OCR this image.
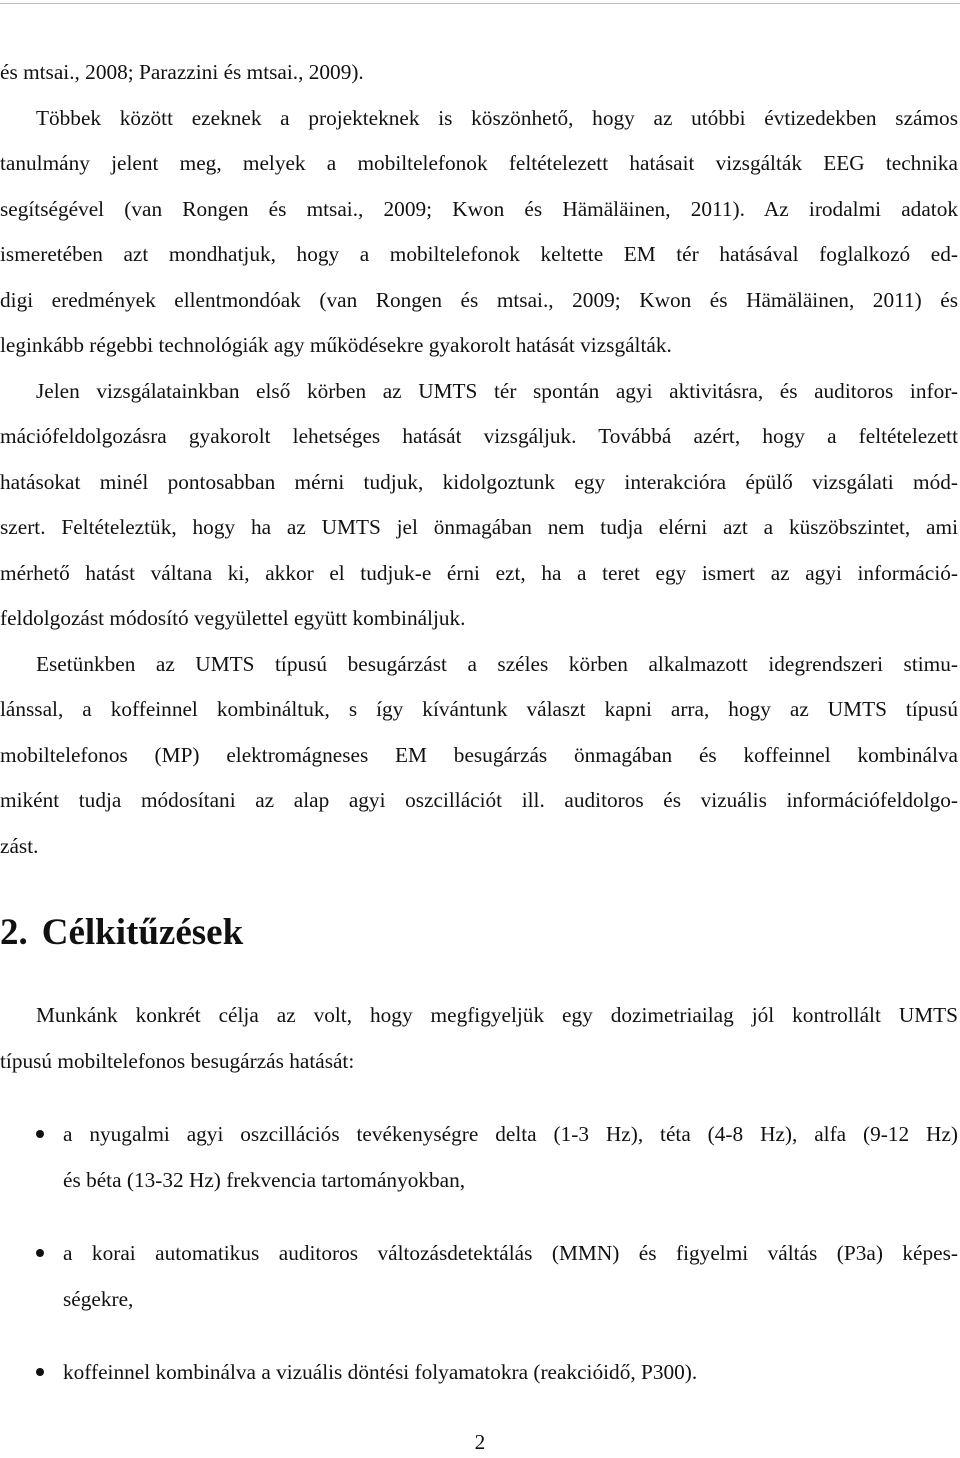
és mtsai., 2008; Parazzini és mtsai., 2009).
Többek között ezeknek a projekteknek is köszönhető, hogy az utóbbi évtizedekben számos
tanulmány jelent meg, melyek a mobiltelefonok feltételezett hatásait vizsgálták EEG technika
segítségével (van Rongen és mtsai., 2009; Kwon és Hämäläinen, 2011). Az irodalmi adatok
ismeretében azt mondhatjuk, hogy a mobiltelefonok keltette EM tér hatásával foglalkozó ed-
digi eredmények ellentmondóak (van Rongen és mtsai., 2009; Kwon és Hämäläinen, 2011) és
leginkább régebbi technológiák agy működésekre gyakorolt hatását vizsgálták.
Jelen vizsgálatainkban első körben az UMTS tér spontán agyi aktivitásra, és auditoros infor-
mációfeldolgozásra gyakorolt lehetséges hatását vizsgáljuk. Továbbá azért, hogy a feltételezett
hatásokat minél pontosabban mérni tudjuk, kidolgoztunk egy interakcióra épülő vizsgálati mód-
szert. Feltételeztük, hogy ha az UMTS jel önmagában nem tudja elérni azt a küszöbszintet, ami
mérhető hatást váltana ki, akkor el tudjuk-e érni ezt, ha a teret egy ismert az agyi információ-
feldolgozást módosító vegyülettel együtt kombináljuk.
Esetünkben az UMTS típusú besugárzást a széles körben alkalmazott idegrendszeri stimu-
lánssal, a koffeinnel kombináltuk, s így kívántunk választ kapni arra, hogy az UMTS típusú
mobiltelefonos (MP) elektromágneses EM besugárzás önmagában és koffeinnel kombinálva
miként tudja módosítani az alap agyi oszcillációt ill. auditoros és vizuális információfeldolgo-
zást.
2. Célkitűzések
Munkánk konkrét célja az volt, hogy megfigyeljük egy dozimetriailag jól kontrollált UMTS
típusú mobiltelefonos besugárzás hatását:
a nyugalmi agyi oszcillációs tevékenységre delta (1-3 Hz), téta (4-8 Hz), alfa (9-12 Hz)
és béta (13-32 Hz) frekvencia tartományokban,
a korai automatikus auditoros változásdetektálás (MMN) és figyelmi váltás (P3a) képes-
ségekre,
koffeinnel kombinálva a vizuális döntési folyamatokra (reakcióidő, P300).
2
